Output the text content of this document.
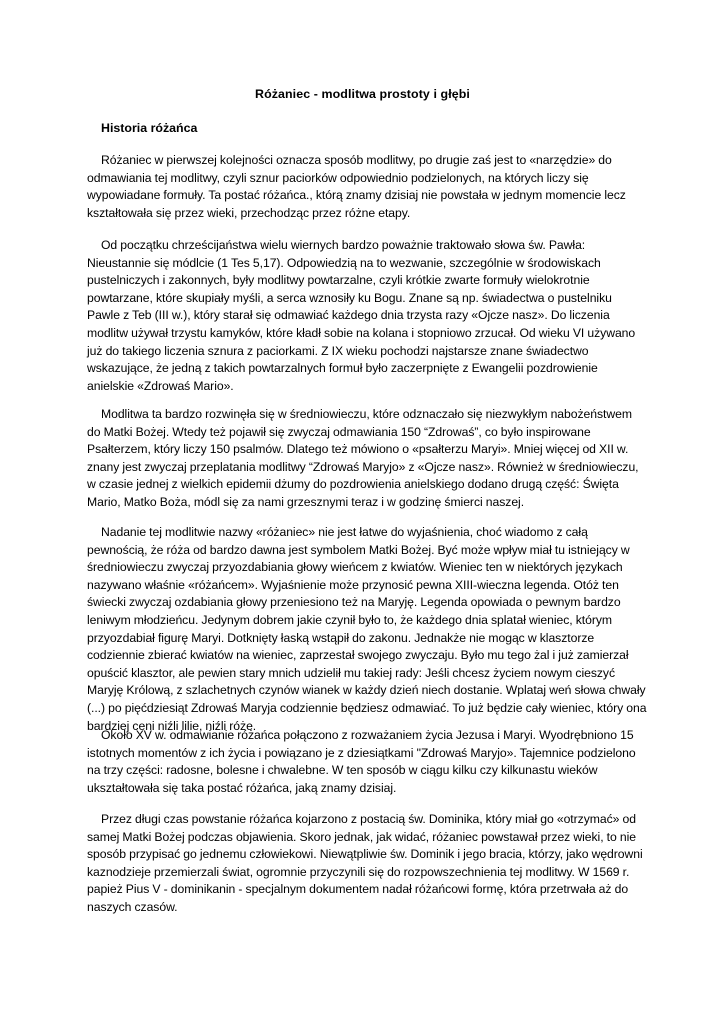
Różaniec - modlitwa prostoty i głębi
Historia różańca

Różaniec w pierwszej kolejności oznacza sposób modlitwy, po drugie zaś jest to «narzędzie» do odmawiania tej modlitwy, czyli sznur paciorków odpowiednio podzielonych, na których liczy się wypowiadane formuły. Ta postać różańca., którą znamy dzisiaj nie powstała w jednym momencie lecz kształtowała się przez wieki, przechodząc przez różne etapy.

Od początku chrześcijaństwa wielu wiernych bardzo poważnie traktowało słowa św. Pawła: Nieustannie się módlcie (1 Tes 5,17). Odpowiedzią na to wezwanie, szczególnie w środowiskach pustelniczych i zakonnych, były modlitwy powtarzalne, czyli krótkie zwarte formuły wielokrotnie powtarzane, które skupiały myśli, a serca wznosiły ku Bogu. Znane są np. świadectwa o pustelniku Pawle z Teb (III w.), który starał się odmawiać każdego dnia trzysta razy «Ojcze nasz». Do liczenia modlitw używał trzystu kamyków, które kładł sobie na kolana i stopniowo zrzucał. Od wieku VI używano już do takiego liczenia sznura z paciorkami. Z IX wieku pochodzi najstarsze znane świadectwo wskazujące, że jedną z takich powtarzalnych formuł było zaczerpnięte z Ewangelii pozdrowienie anielskie «Zdrowaś Mario».

Modlitwa ta bardzo rozwinęła się w średniowieczu, które odznaczało się niezwykłym nabożeństwem do Matki Bożej. Wtedy też pojawił się zwyczaj odmawiania 150 “Zdrowaś”, co było inspirowane Psałterzem, który liczy 150 psalmów. Dlatego też mówiono o «psałterzu Maryi». Mniej więcej od XII w. znany jest zwyczaj przeplatania modlitwy “Zdrowaś Maryjo» z «Ojcze nasz». Również w średniowieczu, w czasie jednej z wielkich epidemii dżumy do pozdrowienia anielskiego dodano drugą część: Święta Mario, Matko Boża, módl się za nami grzesznymi teraz i w godzinę śmierci naszej.

Nadanie tej modlitwie nazwy «różaniec» nie jest łatwe do wyjaśnienia, choć wiadomo z całą pewnością, że róża od bardzo dawna jest symbolem Matki Bożej. Być może wpływ miał tu istniejący w średniowieczu zwyczaj przyozdabiania głowy wieńcem z kwiatów. Wieniec ten w niektórych językach nazywano właśnie «różańcem». Wyjaśnienie może przynosić pewna XIII-wieczna legenda. Otóż ten świecki zwyczaj ozdabiania głowy przeniesiono też na Maryję. Legenda opowiada o pewnym bardzo leniwym młodzieńcu. Jedynym dobrem jakie czynił było to, że każdego dnia splatał wieniec, którym przyozdabiał figurę Maryi. Dotknięty łaską wstąpił do zakonu. Jednakże nie mogąc w klasztorze codziennie zbierać kwiatów na wieniec, zaprzestał swojego zwyczaju. Było mu tego żal i już zamierzał opuścić klasztor, ale pewien stary mnich udzielił mu takiej rady: Jeśli chcesz życiem nowym cieszyć Maryję Królową, z szlachetnych czynów wianek w każdy dzień niech dostanie. Wplataj weń słowa chwały (...) po pięćdziesiąt Zdrowaś Maryja codziennie będziesz odmawiać. To już będzie cały wieniec, który ona bardziej ceni niźli lilie, niźli róże.

Około XV w. odmawianie różańca połączono z rozważaniem życia Jezusa i Maryi. Wyodrębniono 15 istotnych momentów z ich życia i powiązano je z dziesiątkami "Zdrowaś Maryjo». Tajemnice podzielono na trzy części: radosne, bolesne i chwalebne. W ten sposób w ciągu kilku czy kilkunastu wieków ukształtowała się taka postać różańca, jaką znamy dzisiaj.

Przez długi czas powstanie różańca kojarzono z postacią św. Dominika, który miał go «otrzymać» od samej Matki Bożej podczas objawienia. Skoro jednak, jak widać, różaniec powstawał przez wieki, to nie sposób przypisać go jednemu człowiekowi. Niewątpliwie św. Dominik i jego bracia, którzy, jako wędrowni kaznodzieje przemierzali świat, ogromnie przyczynili się do rozpowszechnienia tej modlitwy. W 1569 r. papież Pius V - dominikanin - specjalnym dokumentem nadał różańcowi formę, która przetrwała aż do naszych czasów.
